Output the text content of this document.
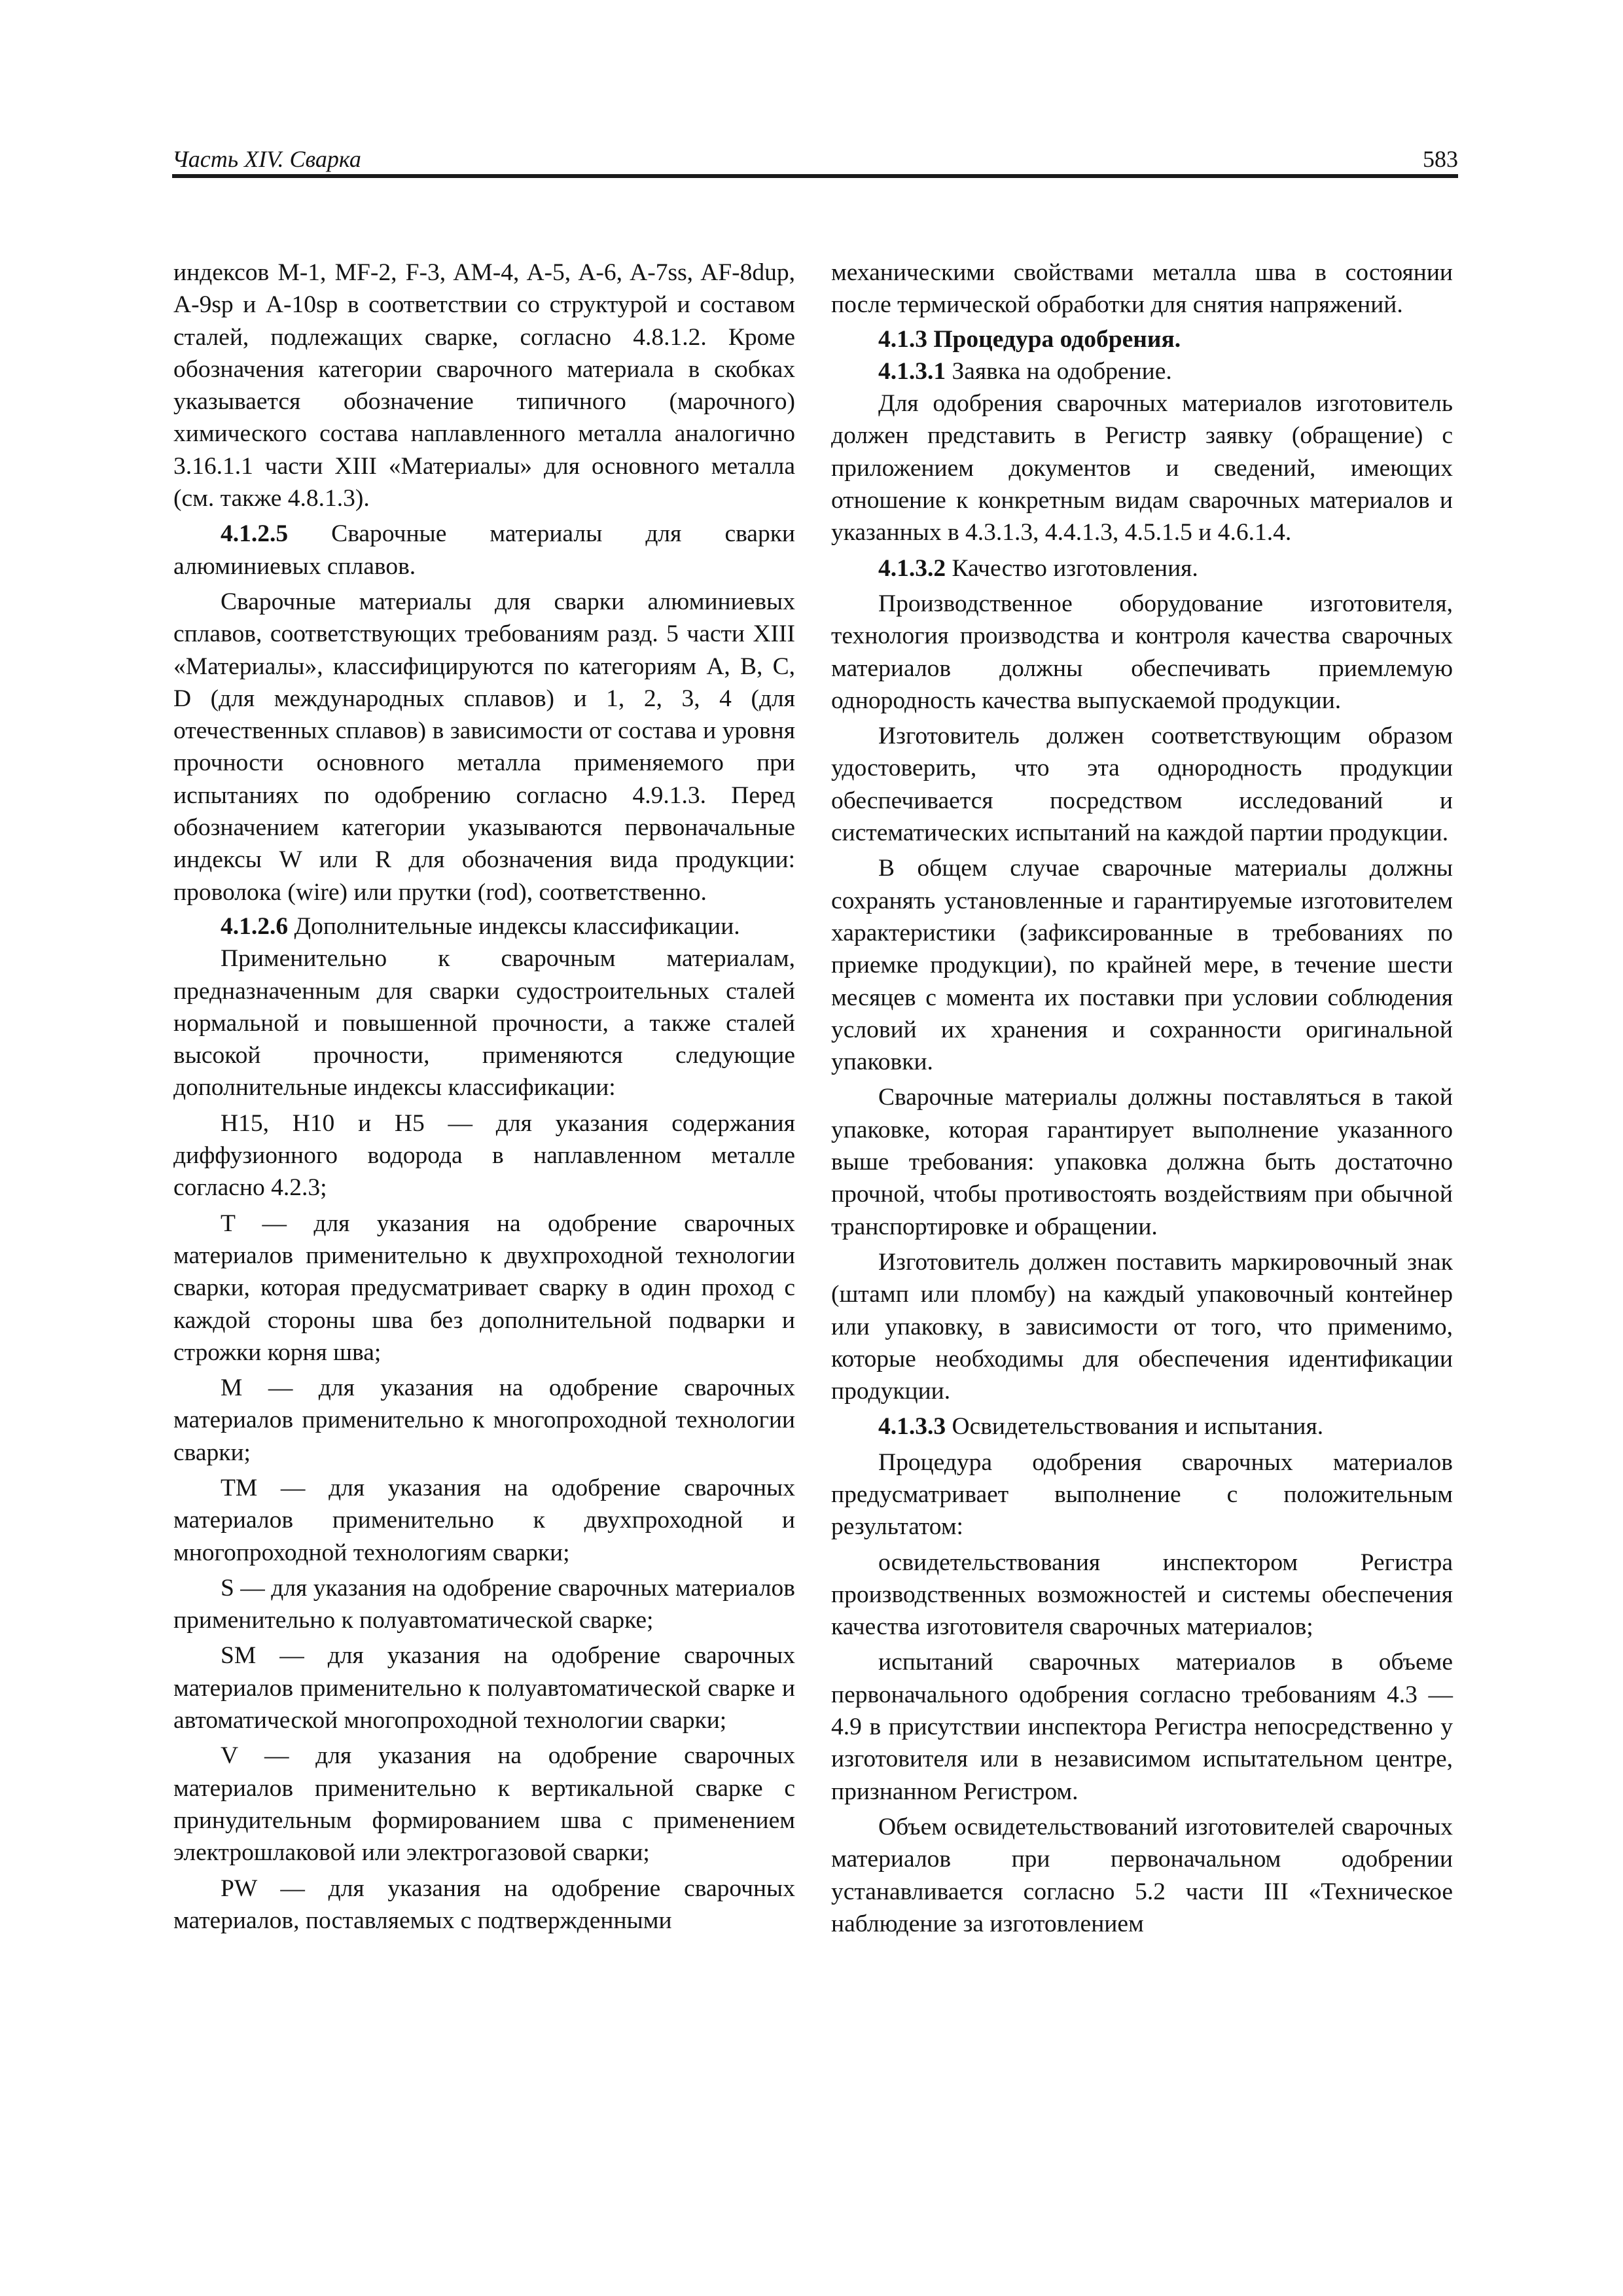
Часть XIV. Сварка	583

индексов M-1, MF-2, F-3, AM-4, A-5, A-6, A-7ss, AF-8dup, A-9sp и A-10sp в соответствии со структурой и составом сталей, подлежащих сварке, согласно 4.8.1.2. Кроме обозначения категории сварочного материала в скобках указывается обозначение типичного (марочного) химического состава наплавленного металла аналогично 3.16.1.1 части XIII «Материалы» для основного металла (см. также 4.8.1.3).

4.1.2.5 Сварочные материалы для сварки алюминиевых сплавов.

Сварочные материалы для сварки алюминиевых сплавов, соответствующих требованиям разд. 5 части XIII «Материалы», классифицируются по категориям A, B, C, D (для международных сплавов) и 1, 2, 3, 4 (для отечественных сплавов) в зависимости от состава и уровня прочности основного металла применяемого при испытаниях по одобрению согласно 4.9.1.3. Перед обозначением категории указываются первоначальные индексы W или R для обозначения вида продукции: проволока (wire) или прутки (rod), соответственно.

4.1.2.6 Дополнительные индексы классификации.

Применительно к сварочным материалам, предназначенным для сварки судостроительных сталей нормальной и повышенной прочности, а также сталей высокой прочности, применяются следующие дополнительные индексы классификации:

H15, H10 и H5 — для указания содержания диффузионного водорода в наплавленном металле согласно 4.2.3;

T — для указания на одобрение сварочных материалов применительно к двухпроходной технологии сварки, которая предусматривает сварку в один проход с каждой стороны шва без дополнительной подварки и строжки корня шва;

M — для указания на одобрение сварочных материалов применительно к многопроходной технологии сварки;

TM — для указания на одобрение сварочных материалов применительно к двухпроходной и многопроходной технологиям сварки;

S — для указания на одобрение сварочных материалов применительно к полуавтоматической сварке;

SM — для указания на одобрение сварочных материалов применительно к полуавтоматической сварке и автоматической многопроходной технологии сварки;

V — для указания на одобрение сварочных материалов применительно к вертикальной сварке с принудительным формированием шва с применением электрошлаковой или электрогазовой сварки;

PW — для указания на одобрение сварочных материалов, поставляемых с подтвержденными

механическими свойствами металла шва в состоянии после термической обработки для снятия напряжений.

4.1.3 Процедура одобрения.

4.1.3.1 Заявка на одобрение.

Для одобрения сварочных материалов изготовитель должен представить в Регистр заявку (обращение) с приложением документов и сведений, имеющих отношение к конкретным видам сварочных материалов и указанных в 4.3.1.3, 4.4.1.3, 4.5.1.5 и 4.6.1.4.

4.1.3.2 Качество изготовления.

Производственное оборудование изготовителя, технология производства и контроля качества сварочных материалов должны обеспечивать приемлемую однородность качества выпускаемой продукции.

Изготовитель должен соответствующим образом удостоверить, что эта однородность продукции обеспечивается посредством исследований и систематических испытаний на каждой партии продукции.

В общем случае сварочные материалы должны сохранять установленные и гарантируемые изготовителем характеристики (зафиксированные в требованиях по приемке продукции), по крайней мере, в течение шести месяцев с момента их поставки при условии соблюдения условий их хранения и сохранности оригинальной упаковки.

Сварочные материалы должны поставляться в такой упаковке, которая гарантирует выполнение указанного выше требования: упаковка должна быть достаточно прочной, чтобы противостоять воздействиям при обычной транспортировке и обращении.

Изготовитель должен поставить маркировочный знак (штамп или пломбу) на каждый упаковочный контейнер или упаковку, в зависимости от того, что применимо, которые необходимы для обеспечения идентификации продукции.

4.1.3.3 Освидетельствования и испытания.

Процедура одобрения сварочных материалов предусматривает выполнение с положительным результатом:

освидетельствования инспектором Регистра производственных возможностей и системы обеспечения качества изготовителя сварочных материалов;

испытаний сварочных материалов в объеме первоначального одобрения согласно требованиям 4.3 — 4.9 в присутствии инспектора Регистра непосредственно у изготовителя или в независимом испытательном центре, признанном Регистром.

Объем освидетельствований изготовителей сварочных материалов при первоначальном одобрении устанавливается согласно 5.2 части III «Техническое наблюдение за изготовлением
